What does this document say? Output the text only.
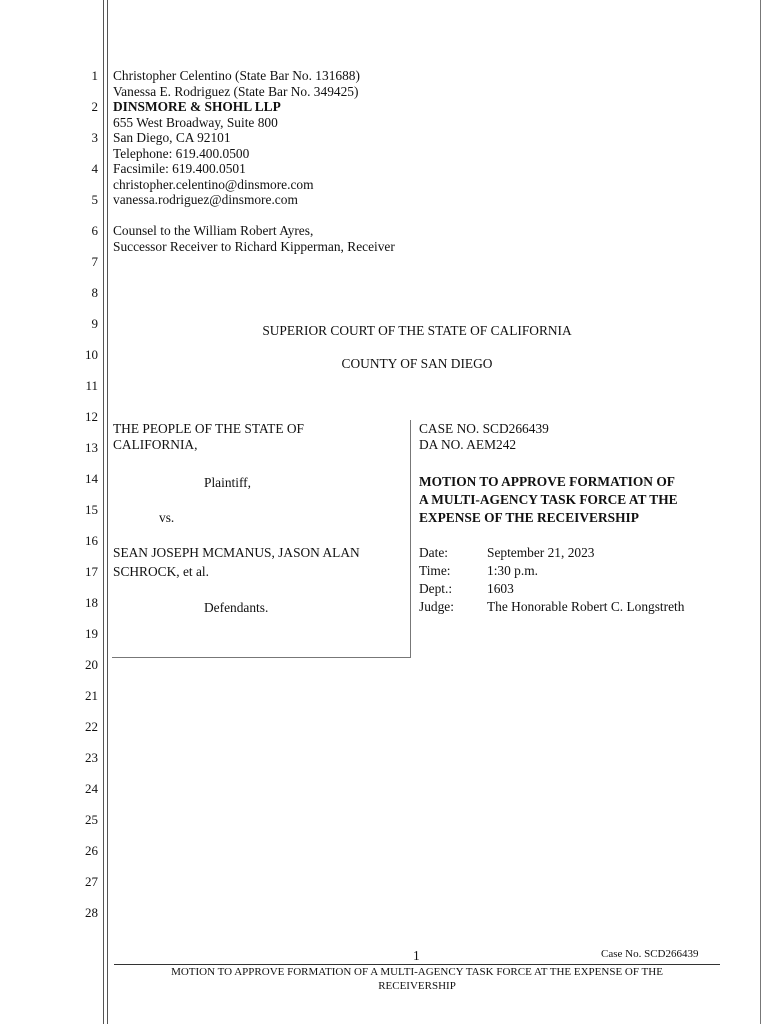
1
2
3
4
5
6
7
8
9
10
11
12
13
14
15
16
17
18
19
20
21
22
23
24
25
26
27
28
Christopher Celentino (State Bar No. 131688)
Vanessa E. Rodriguez (State Bar No. 349425)
DINSMORE & SHOHL LLP
655 West Broadway, Suite 800
San Diego, CA 92101
Telephone: 619.400.0500
Facsimile: 619.400.0501
christopher.celentino@dinsmore.com
vanessa.rodriguez@dinsmore.com
Counsel to the William Robert Ayres,
Successor Receiver to Richard Kipperman, Receiver
SUPERIOR COURT OF THE STATE OF CALIFORNIA
COUNTY OF SAN DIEGO
THE PEOPLE OF THE STATE OF
CALIFORNIA,
Plaintiff,
vs.
SEAN JOSEPH MCMANUS, JASON ALAN
SCHROCK, et al.
Defendants.
CASE NO. SCD266439
DA NO. AEM242
MOTION TO APPROVE FORMATION OF
A MULTI-AGENCY TASK FORCE AT THE
EXPENSE OF THE RECEIVERSHIP
Date:	September 21, 2023
Time:	1:30 p.m.
Dept.:	1603
Judge: The Honorable Robert C. Longstreth
1	Case No. SCD266439
MOTION TO APPROVE FORMATION OF A MULTI-AGENCY TASK FORCE AT THE EXPENSE OF THE
RECEIVERSHIP
